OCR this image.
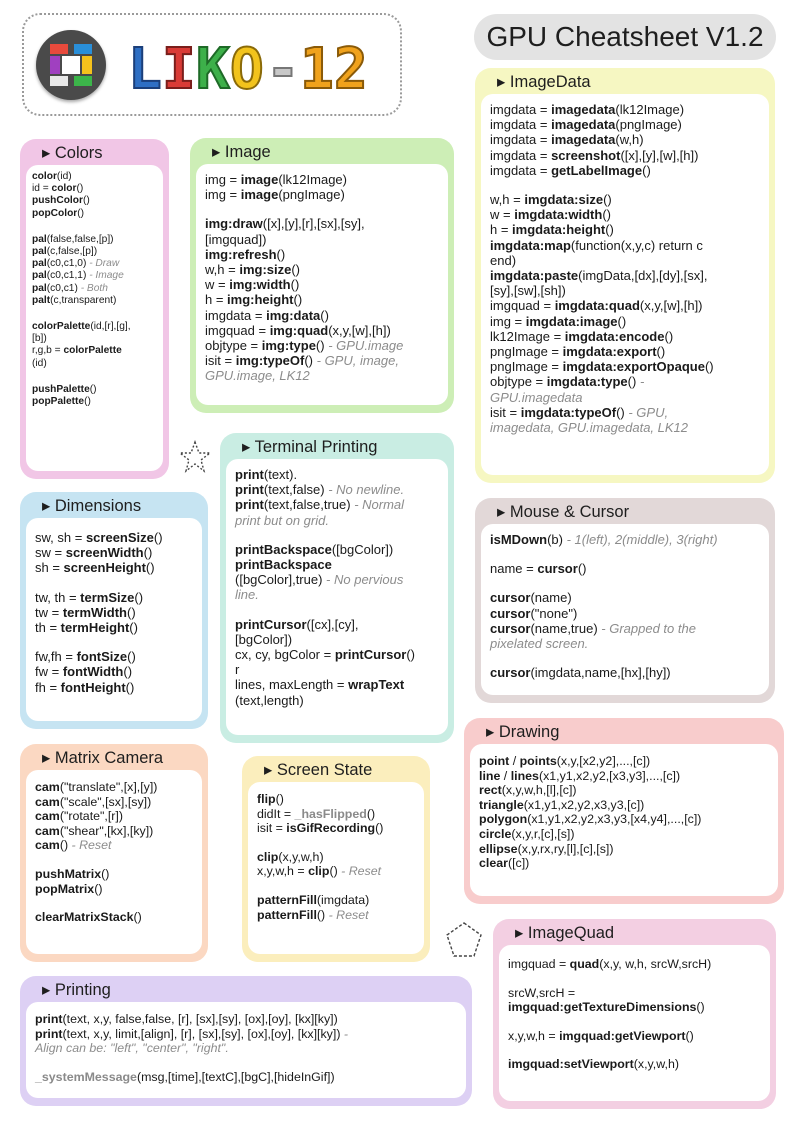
L I K O - 1 2
GPU Cheatsheet V1.2
▸ Colors
color(id)
id = color()
pushColor()
popColor()
pal(false,false,[p])
pal(c,false,[p])
pal(c0,c1,0) - Draw
pal(c0,c1,1) - Image
pal(c0,c1) - Both
palt(c,transparent)
colorPalette(id,[r],[g],
[b])
r,g,b = colorPalette
(id)
pushPalette()
popPalette()
▸ Image
img = image(lk12Image)
img = image(pngImage)
img:draw([x],[y],[r],[sx],[sy],
[imgquad])
img:refresh()
w,h = img:size()
w = img:width()
h = img:height()
imgdata = img:data()
imgquad = img:quad(x,y,[w],[h])
objtype = img:type() - GPU.image
isit = img:typeOf() - GPU, image,
GPU.image, LK12
▸ ImageData
imgdata = imagedata(lk12Image)
imgdata = imagedata(pngImage)
imgdata = imagedata(w,h)
imgdata = screenshot([x],[y],[w],[h])
imgdata = getLabelImage()
w,h = imgdata:size()
w = imgdata:width()
h = imgdata:height()
imgdata:map(function(x,y,c) return c
end)
imgdata:paste(imgData,[dx],[dy],[sx],
[sy],[sw],[sh])
imgquad = imgdata:quad(x,y,[w],[h])
img = imgdata:image()
lk12Image = imgdata:encode()
pngImage = imgdata:export()
pngImage = imgdata:exportOpaque()
objtype = imgdata:type() -
GPU.imagedata
isit = imgdata:typeOf() - GPU,
imagedata, GPU.imagedata, LK12
▸ Terminal Printing
print(text).
print(text,false) - No newline.
print(text,false,true) - Normal
print but on grid.
printBackspace([bgColor])
printBackspace
([bgColor],true) - No pervious
line.
printCursor([cx],[cy],
[bgColor])
cx, cy, bgColor = printCursor()
r
lines, maxLength = wrapText
(text,length)
▸ Dimensions
sw, sh = screenSize()
sw = screenWidth()
sh = screenHeight()
tw, th = termSize()
tw = termWidth()
th = termHeight()
fw,fh = fontSize()
fw = fontWidth()
fh = fontHeight()
▸ Mouse & Cursor
isMDown(b) - 1(left), 2(middle), 3(right)
name = cursor()
cursor(name)
cursor("none")
cursor(name,true) - Grapped to the
pixelated screen.
cursor(imgdata,name,[hx],[hy])
▸ Drawing
point / points(x,y,[x2,y2],...,[c])
line / lines(x1,y1,x2,y2,[x3,y3],...,[c])
rect(x,y,w,h,[l],[c])
triangle(x1,y1,x2,y2,x3,y3,[c])
polygon(x1,y1,x2,y2,x3,y3,[x4,y4],...,[c])
circle(x,y,r,[c],[s])
ellipse(x,y,rx,ry,[l],[c],[s])
clear([c])
▸ Matrix Camera
cam("translate",[x],[y])
cam("scale",[sx],[sy])
cam("rotate",[r])
cam("shear",[kx],[ky])
cam() - Reset
pushMatrix()
popMatrix()
clearMatrixStack()
▸ Screen State
flip()
didIt = _hasFlipped()
isit = isGifRecording()
clip(x,y,w,h)
x,y,w,h = clip() - Reset
patternFill(imgdata)
patternFill() - Reset
▸ ImageQuad
imgquad = quad(x,y, w,h, srcW,srcH)
srcW,srcH =
imgquad:getTextureDimensions()
x,y,w,h = imgquad:getViewport()
imgquad:setViewport(x,y,w,h)
▸ Printing
print(text, x,y, false,false, [r], [sx],[sy], [ox],[oy], [kx][ky])
print(text, x,y, limit,[align], [r], [sx],[sy], [ox],[oy], [kx][ky]) -
Align can be: "left", "center", "right".
_systemMessage(msg,[time],[textC],[bgC],[hideInGif])
